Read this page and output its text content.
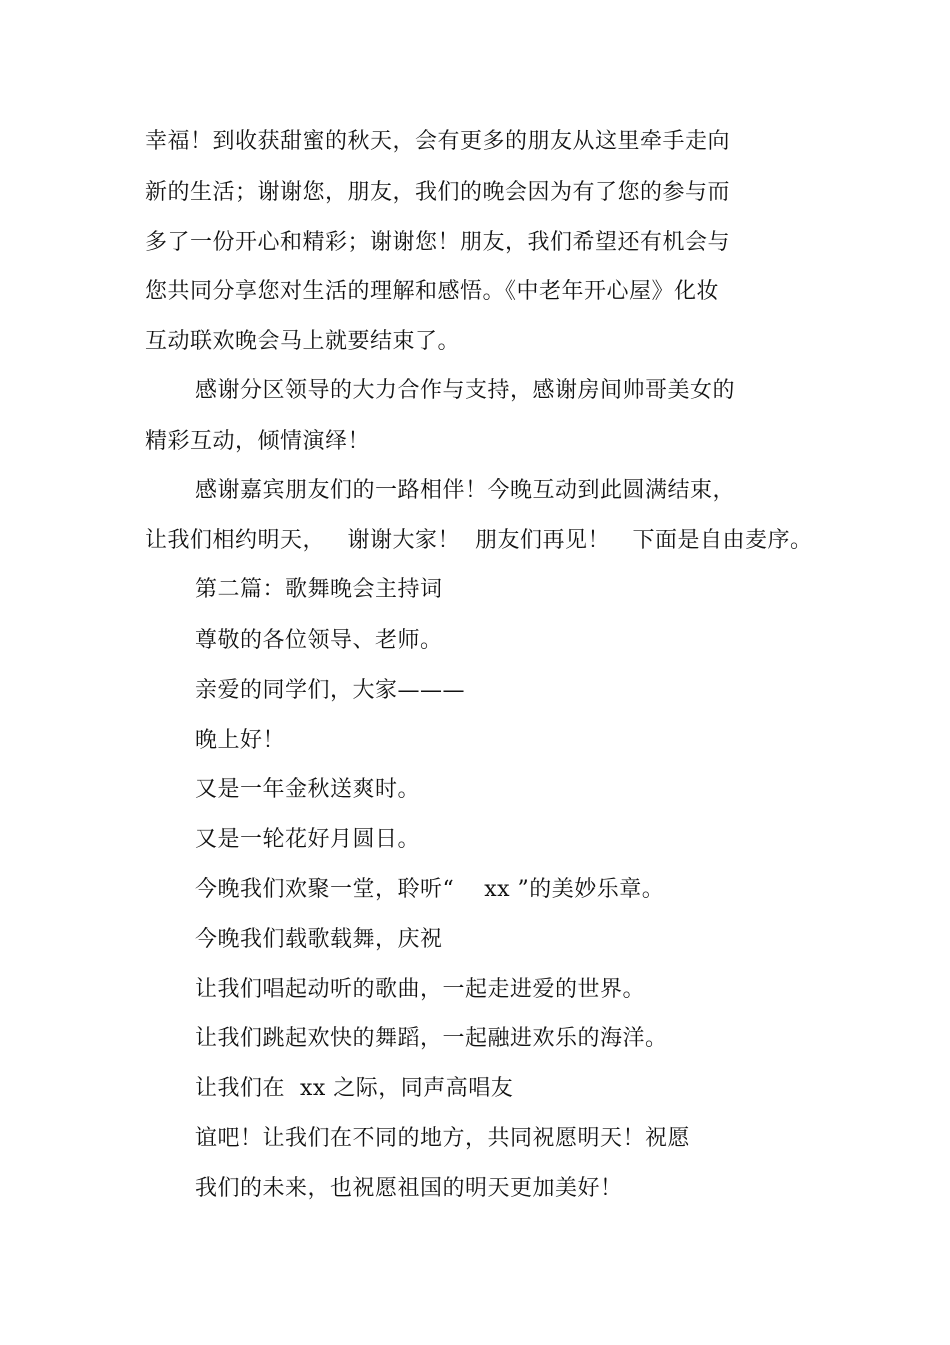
幸福！到收获甜蜜的秋天，会有更多的朋友从这里牵手走向
新的生活；谢谢您，朋友，我们的晚会因为有了您的参与而
多了一份开心和精彩；谢谢您！朋友，我们希望还有机会与
您共同分享您对生活的理解和感悟。《中老年开心屋》化妆
互动联欢晚会马上就要结束了。
感谢分区领导的大力合作与支持，感谢房间帅哥美女的
精彩互动，倾情演绎！
感谢嘉宾朋友们的一路相伴！今晚互动到此圆满结束，
让我们相约明天，   谢谢大家！  朋友们再见！   下面是自由麦序。
第二篇：歌舞晚会主持词
尊敬的各位领导、老师。
亲爱的同学们，大家———
晚上好！
又是一年金秋送爽时。
又是一轮花好月圆日。
今晚我们欢聚一堂，聆听“    xx ”的美妙乐章。
今晚我们载歌载舞，庆祝
让我们唱起动听的歌曲，一起走进爱的世界。
让我们跳起欢快的舞蹈，一起融进欢乐的海洋。
让我们在  xx 之际，同声高唱友
谊吧！让我们在不同的地方，共同祝愿明天！祝愿
我们的未来，也祝愿祖国的明天更加美好！
